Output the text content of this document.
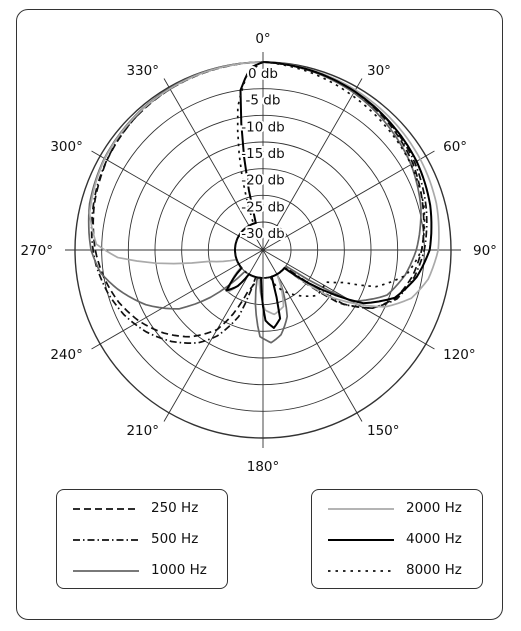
0 db
-5 db
-10 db
-15 db
-20 db
-25 db
-30 db
0°
30°
60°
90°
120°
150°
180°
210°
240°
270°
300°
330°
250 Hz
500 Hz
1000 Hz
2000 Hz
4000 Hz
8000 Hz
